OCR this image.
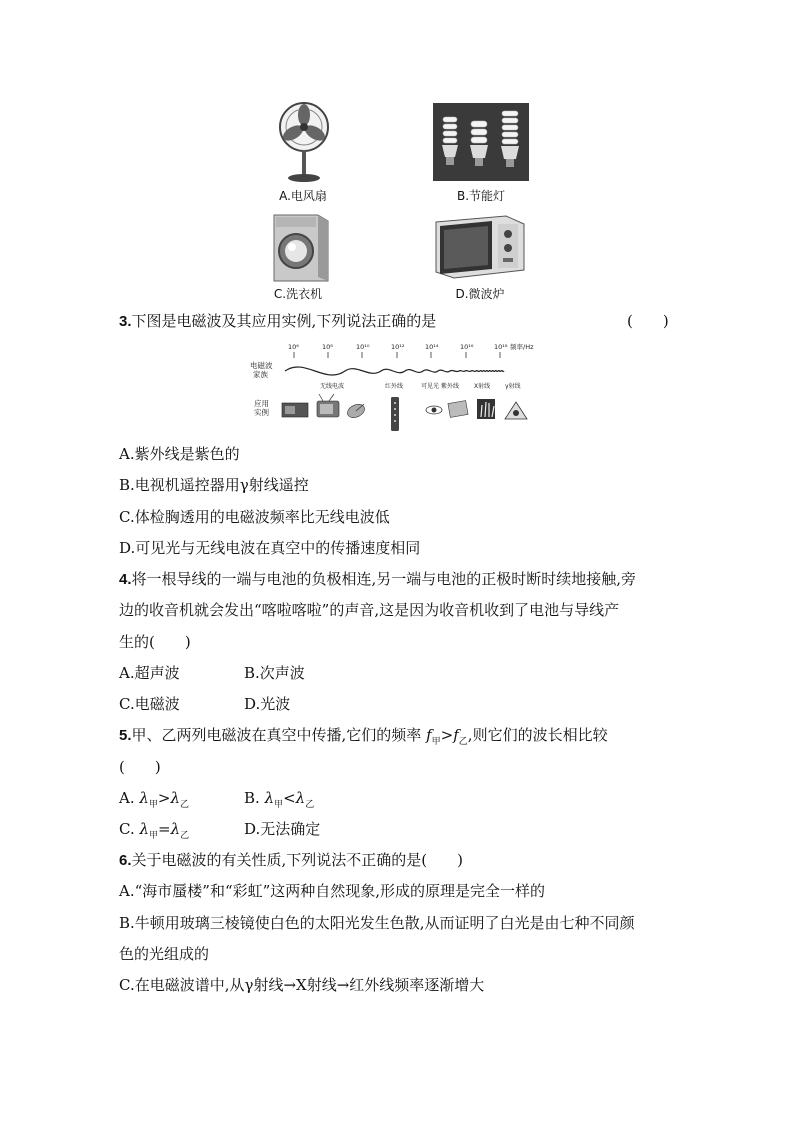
A.电风扇	B.节能灯
C.洗衣机	D.微波炉
3.下图是电磁波及其应用实例,下列说法正确的是	(　　)
10⁶	10⁸	10¹⁰	10¹²	10¹⁴	10¹⁶	10¹⁸ 频率/Hz
电磁波
家族
应用
实例
无线电波	红外线	可见光 紫外线 X射线 γ射线
A.紫外线是紫色的
B.电视机遥控器用γ射线遥控
C.体检胸透用的电磁波频率比无线电波低
D.可见光与无线电波在真空中的传播速度相同
4.将一根导线的一端与电池的负极相连,另一端与电池的正极时断时续地接触,旁
边的收音机就会发出“喀啦喀啦”的声音,这是因为收音机收到了电池与导线产
生的(　　)
A.超声波	B.次声波
C.电磁波	D.光波
5.甲、乙两列电磁波在真空中传播,它们的频率 $f_甲>f_乙$,则它们的波长相比较
(　　)
A. $\lambda_甲>\lambda_乙$	B. $\lambda_甲<\lambda_乙$
C. $\lambda_甲=\lambda_乙$	D.无法确定
6.关于电磁波的有关性质,下列说法不正确的是(　　)
A.“海市蜃楼”和“彩虹”这两种自然现象,形成的原理是完全一样的
B.牛顿用玻璃三棱镜使白色的太阳光发生色散,从而证明了白光是由七种不同颜
色的光组成的
C.在电磁波谱中,从γ射线→X射线→红外线频率逐渐增大
